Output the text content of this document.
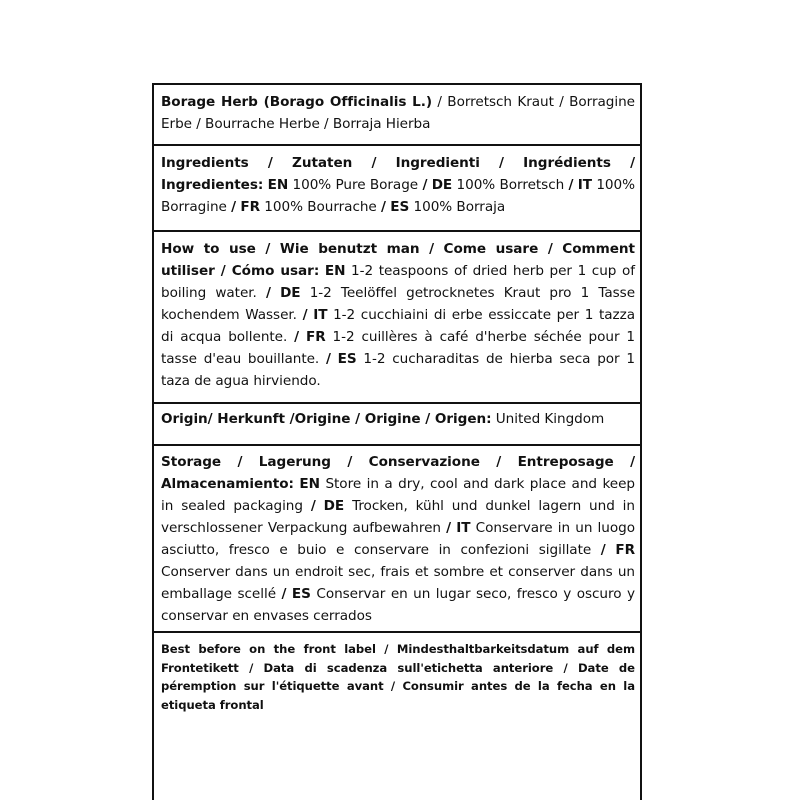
Borage Herb (Borago Officinalis L.) / Borretsch Kraut / Borragine Erbe / Bourrache Herbe / Borraja Hierba
Ingredients / Zutaten / Ingredienti / Ingrédients / Ingredientes: EN 100% Pure Borage / DE 100% Borretsch / IT 100% Borragine / FR 100% Bourrache / ES 100% Borraja
How to use / Wie benutzt man / Come usare / Comment utiliser / Cómo usar: EN 1-2 teaspoons of dried herb per 1 cup of boiling water. / DE 1-2 Teelöffel getrocknetes Kraut pro 1 Tasse kochendem Wasser. / IT 1-2 cucchiaini di erbe essiccate per 1 tazza di acqua bollente. / FR 1-2 cuillères à café d'herbe séchée pour 1 tasse d'eau bouillante. / ES 1-2 cucharaditas de hierba seca por 1 taza de agua hirviendo.
Origin/ Herkunft /Origine / Origine / Origen: United Kingdom
Storage / Lagerung / Conservazione / Entreposage / Almacenamiento: EN Store in a dry, cool and dark place and keep in sealed packaging / DE Trocken, kühl und dunkel lagern und in verschlossener Verpackung aufbewahren / IT Conservare in un luogo asciutto, fresco e buio e conservare in confezioni sigillate / FR Conserver dans un endroit sec, frais et sombre et conserver dans un emballage scellé / ES Conservar en un lugar seco, fresco y oscuro y conservar en envases cerrados
Best before on the front label / Mindesthaltbarkeitsdatum auf dem Frontetikett / Data di scadenza sull'etichetta anteriore / Date de péremption sur l'étiquette avant / Consumir antes de la fecha en la etiqueta frontal
